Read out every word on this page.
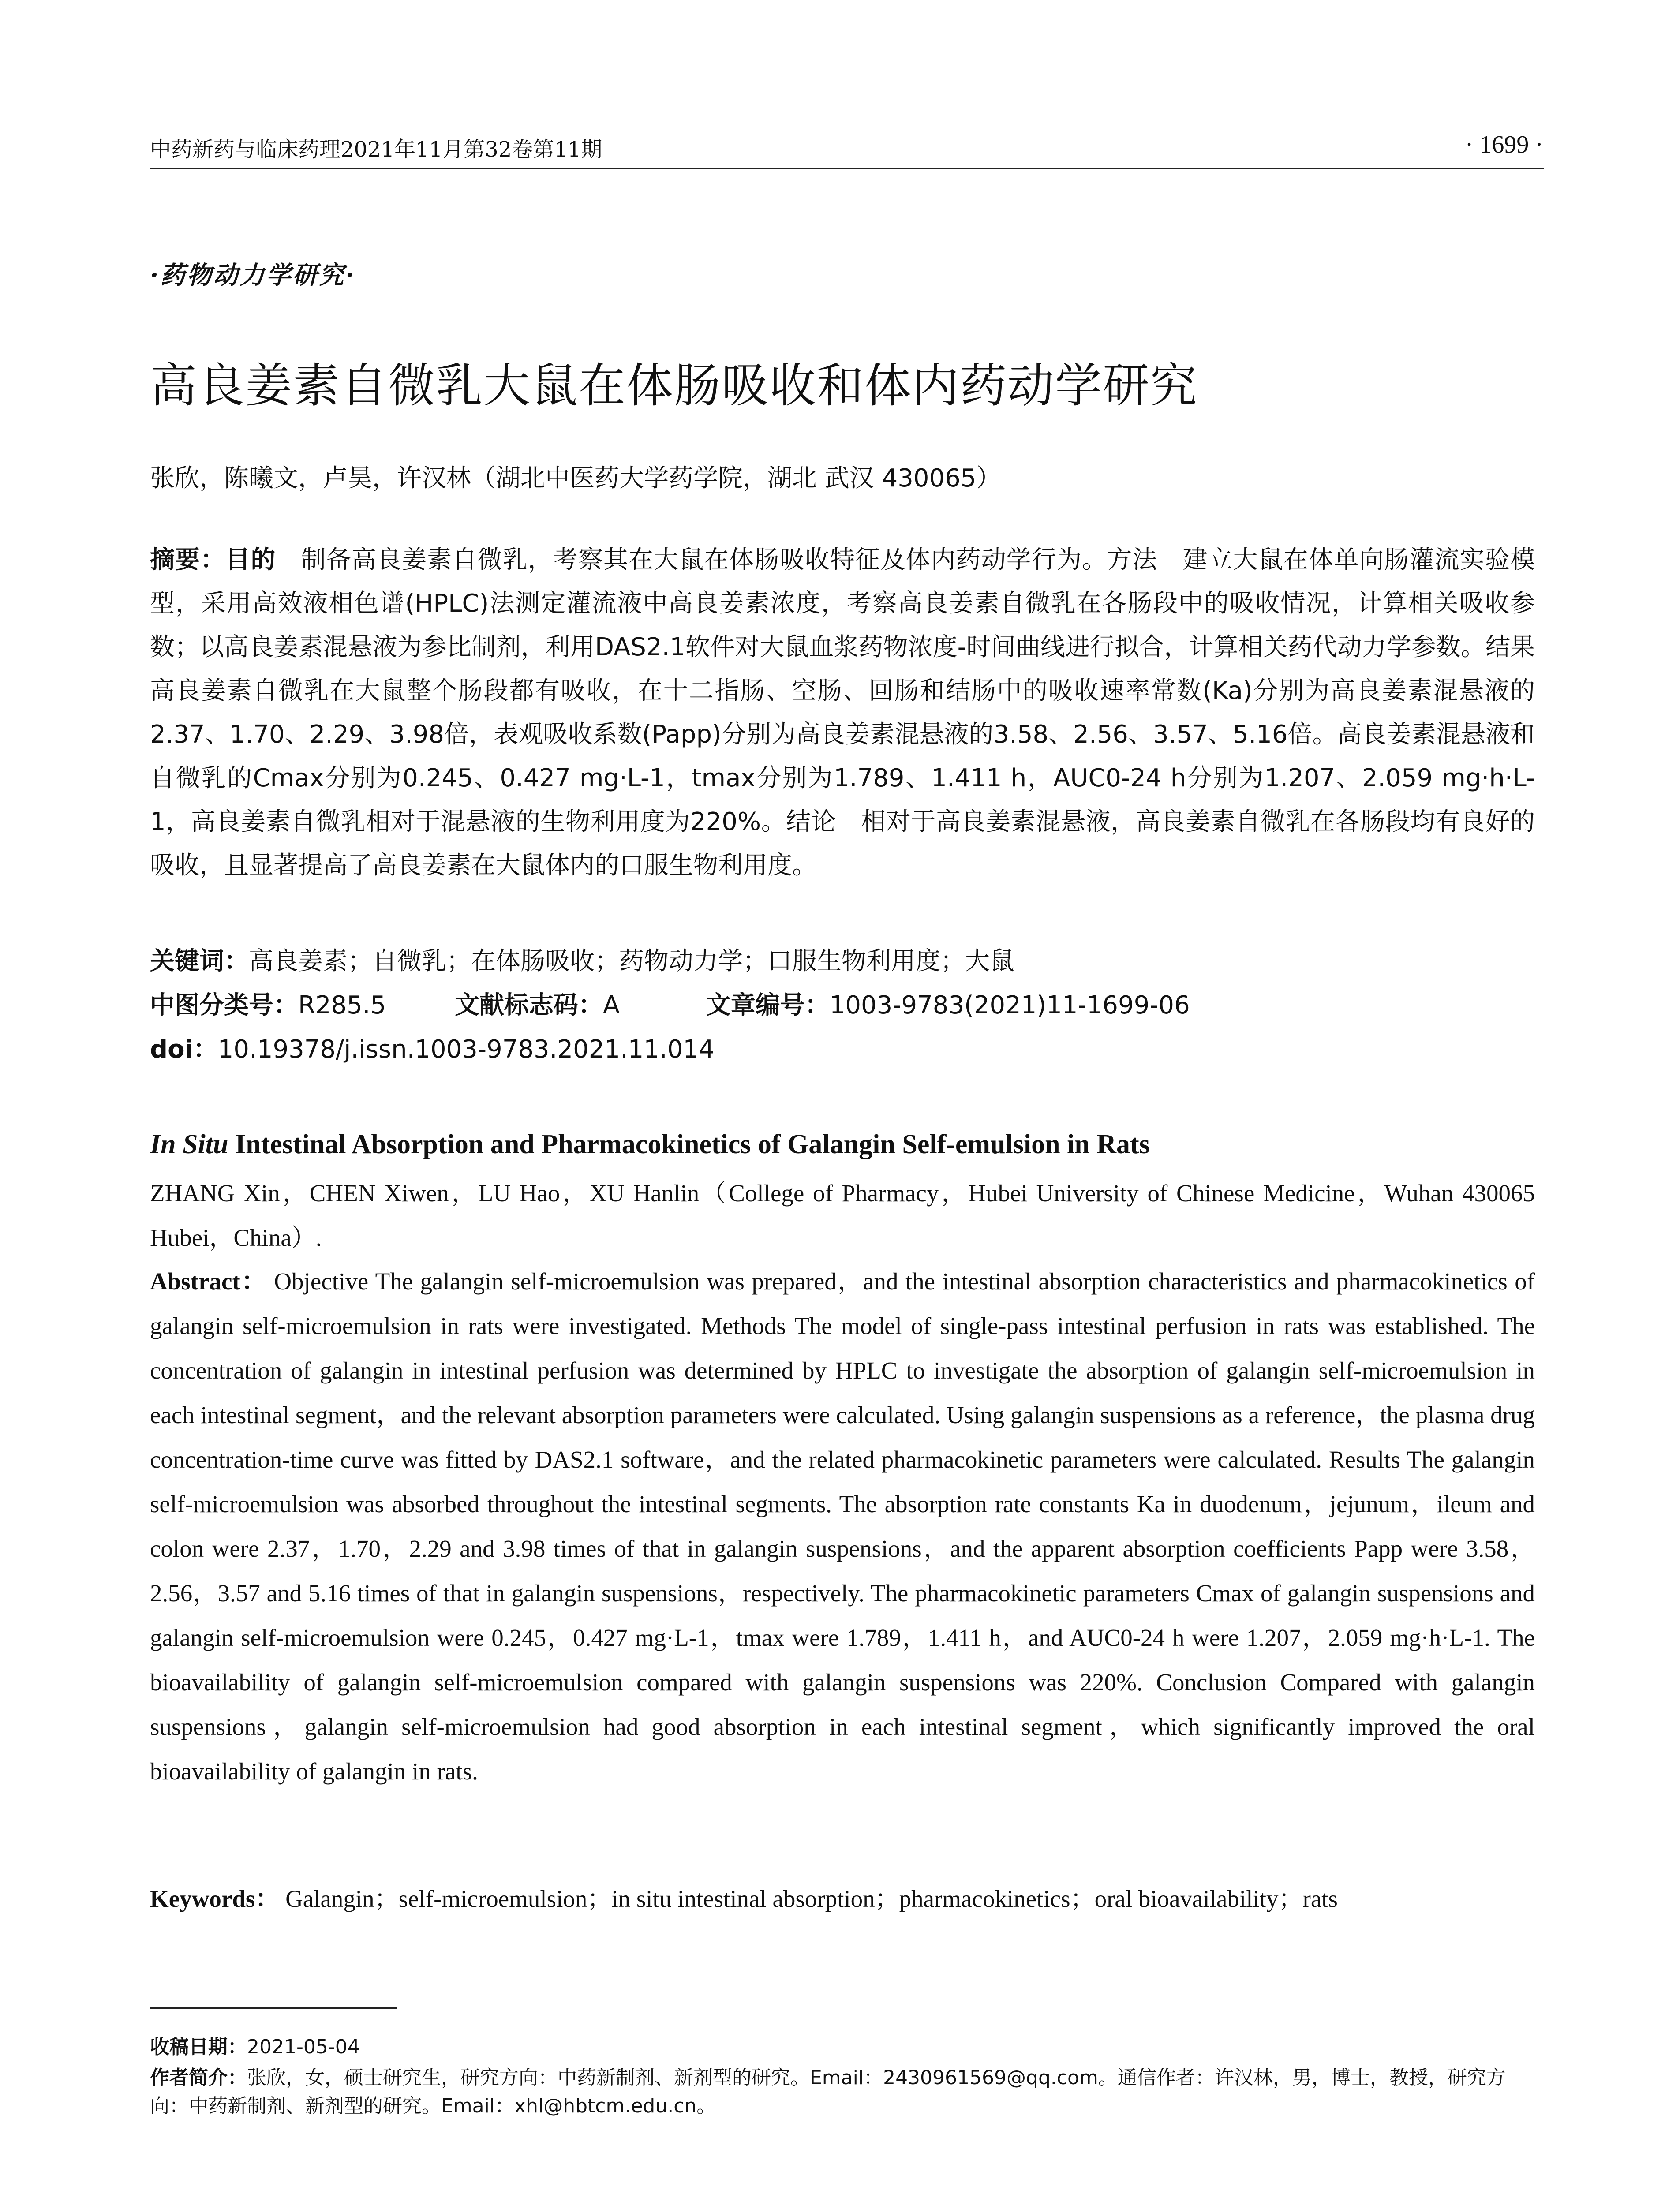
中药新药与临床药理2021年11月第32卷第11期	· 1699 ·
·药物动力学研究·
高良姜素自微乳大鼠在体肠吸收和体内药动学研究
张欣，陈曦文，卢昊，许汉林（湖北中医药大学药学院，湖北 武汉 430065）
摘要：目的　 制备高良姜素自微乳，考察其在大鼠在体肠吸收特征及体内药动学行为。方法　建立大鼠在体单向肠灌流实验模型，采用高效液相色谱(HPLC)法测定灌流液中高良姜素浓度，考察高良姜素自微乳在各肠段中的吸收情况，计算相关吸收参数；以高良姜素混悬液为参比制剂，利用DAS2.1软件对大鼠血浆药物浓度-时间曲线进行拟合，计算相关药代动力学参数。结果　高良姜素自微乳在大鼠整个肠段都有吸收，在十二指肠、空肠、回肠和结肠中的吸收速率常数(Ka)分别为高良姜素混悬液的2.37、1.70、2.29、3.98倍，表观吸收系数(Papp)分别为高良姜素混悬液的3.58、2.56、3.57、5.16倍。高良姜素混悬液和自微乳的Cmax分别为0.245、0.427 mg·L-1，tmax分别为1.789、1.411 h，AUC0-24 h分别为1.207、2.059 mg·h·L-1，高良姜素自微乳相对于混悬液的生物利用度为220%。结论　相对于高良姜素混悬液，高良姜素自微乳在各肠段均有良好的吸收，且显著提高了高良姜素在大鼠体内的口服生物利用度。
关键词：高良姜素；自微乳；在体肠吸收；药物动力学；口服生物利用度；大鼠
中图分类号：R285.5	文献标志码：A	文章编号：1003-9783(2021)11-1699-06
doi：10.19378/j.issn.1003-9783.2021.11.014
In Situ Intestinal Absorption and Pharmacokinetics of Galangin Self-emulsion in Rats
ZHANG Xin，CHEN Xiwen，LU Hao，XU Hanlin（College of Pharmacy，Hubei University of Chinese Medicine，Wuhan 430065 Hubei，China）.
Abstract： Objective The galangin self-microemulsion was prepared，and the intestinal absorption characteristics and pharmacokinetics of galangin self-microemulsion in rats were investigated. Methods The model of single-pass intestinal perfusion in rats was established. The concentration of galangin in intestinal perfusion was determined by HPLC to investigate the absorption of galangin self-microemulsion in each intestinal segment，and the relevant absorption parameters were calculated. Using galangin suspensions as a reference，the plasma drug concentration-time curve was fitted by DAS2.1 software，and the related pharmacokinetic parameters were calculated. Results The galangin self-microemulsion was absorbed throughout the intestinal segments. The absorption rate constants Ka in duodenum，jejunum，ileum and colon were 2.37，1.70，2.29 and 3.98 times of that in galangin suspensions，and the apparent absorption coefficients Papp were 3.58，2.56，3.57 and 5.16 times of that in galangin suspensions，respectively. The pharmacokinetic parameters Cmax of galangin suspensions and galangin self-microemulsion were 0.245，0.427 mg·L-1，tmax were 1.789，1.411 h，and AUC0-24 h were 1.207，2.059 mg·h·L-1. The bioavailability of galangin self-microemulsion compared with galangin suspensions was 220%. Conclusion Compared with galangin suspensions，galangin self-microemulsion had good absorption in each intestinal segment，which significantly improved the oral bioavailability of galangin in rats.
Keywords： Galangin；self-microemulsion；in situ intestinal absorption；pharmacokinetics；oral bioavailability；rats
收稿日期：2021-05-04
作者简介：张欣，女，硕士研究生，研究方向：中药新制剂、新剂型的研究。Email：2430961569@qq.com。通信作者：许汉林，男，博士，教授，研究方向：中药新制剂、新剂型的研究。Email：xhl@hbtcm.edu.cn。
